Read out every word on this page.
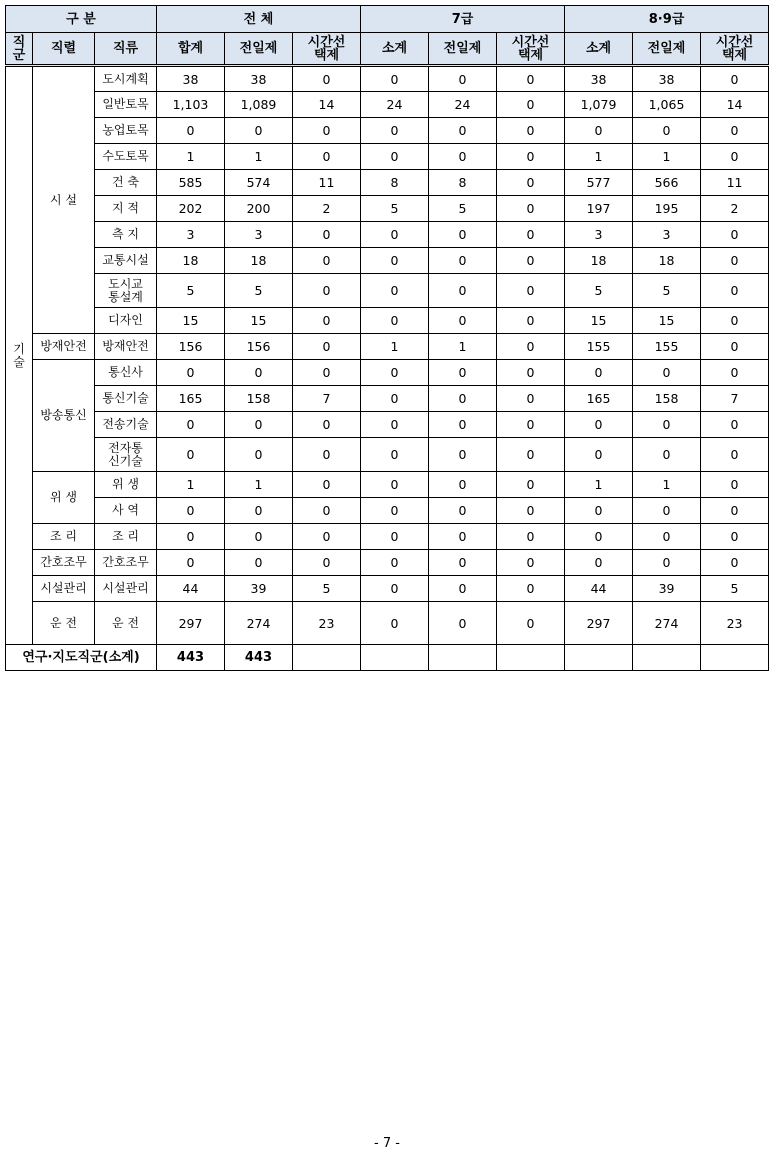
구 분			전 체			7급			8·9급		
직군	직렬	직류	합계	전일제	시간선택제	소계	전일제	시간선택제	소계	전일제	시간선택제
기술	시 설	도시계획	38	38	0	0	0	0	38	38	0
		일반토목	1,103	1,089	14	24	24	0	1,079	1,065	14
		농업토목	0	0	0	0	0	0	0	0	0
		수도토목	1	1	0	0	0	0	1	1	0
		건 축	585	574	11	8	8	0	577	566	11
		지 적	202	200	2	5	5	0	197	195	2
		측 지	3	3	0	0	0	0	3	3	0
		교통시설	18	18	0	0	0	0	18	18	0
		도시교통설계	5	5	0	0	0	0	5	5	0
		디자인	15	15	0	0	0	0	15	15	0
	방재안전	방재안전	156	156	0	1	1	0	155	155	0
	방송통신	통신사	0	0	0	0	0	0	0	0	0
		통신기술	165	158	7	0	0	0	165	158	7
		전송기술	0	0	0	0	0	0	0	0	0
		전자통신기술	0	0	0	0	0	0	0	0	0
	위 생	위 생	1	1	0	0	0	0	1	1	0
		사 역	0	0	0	0	0	0	0	0	0
	조 리	조 리	0	0	0	0	0	0	0	0	0
	간호조무	간호조무	0	0	0	0	0	0	0	0	0
	시설관리	시설관리	44	39	5	0	0	0	44	39	5
	운 전	운 전	297	274	23	0	0	0	297	274	23
연구·지도직군(소계)			443	443							
- 7 -
